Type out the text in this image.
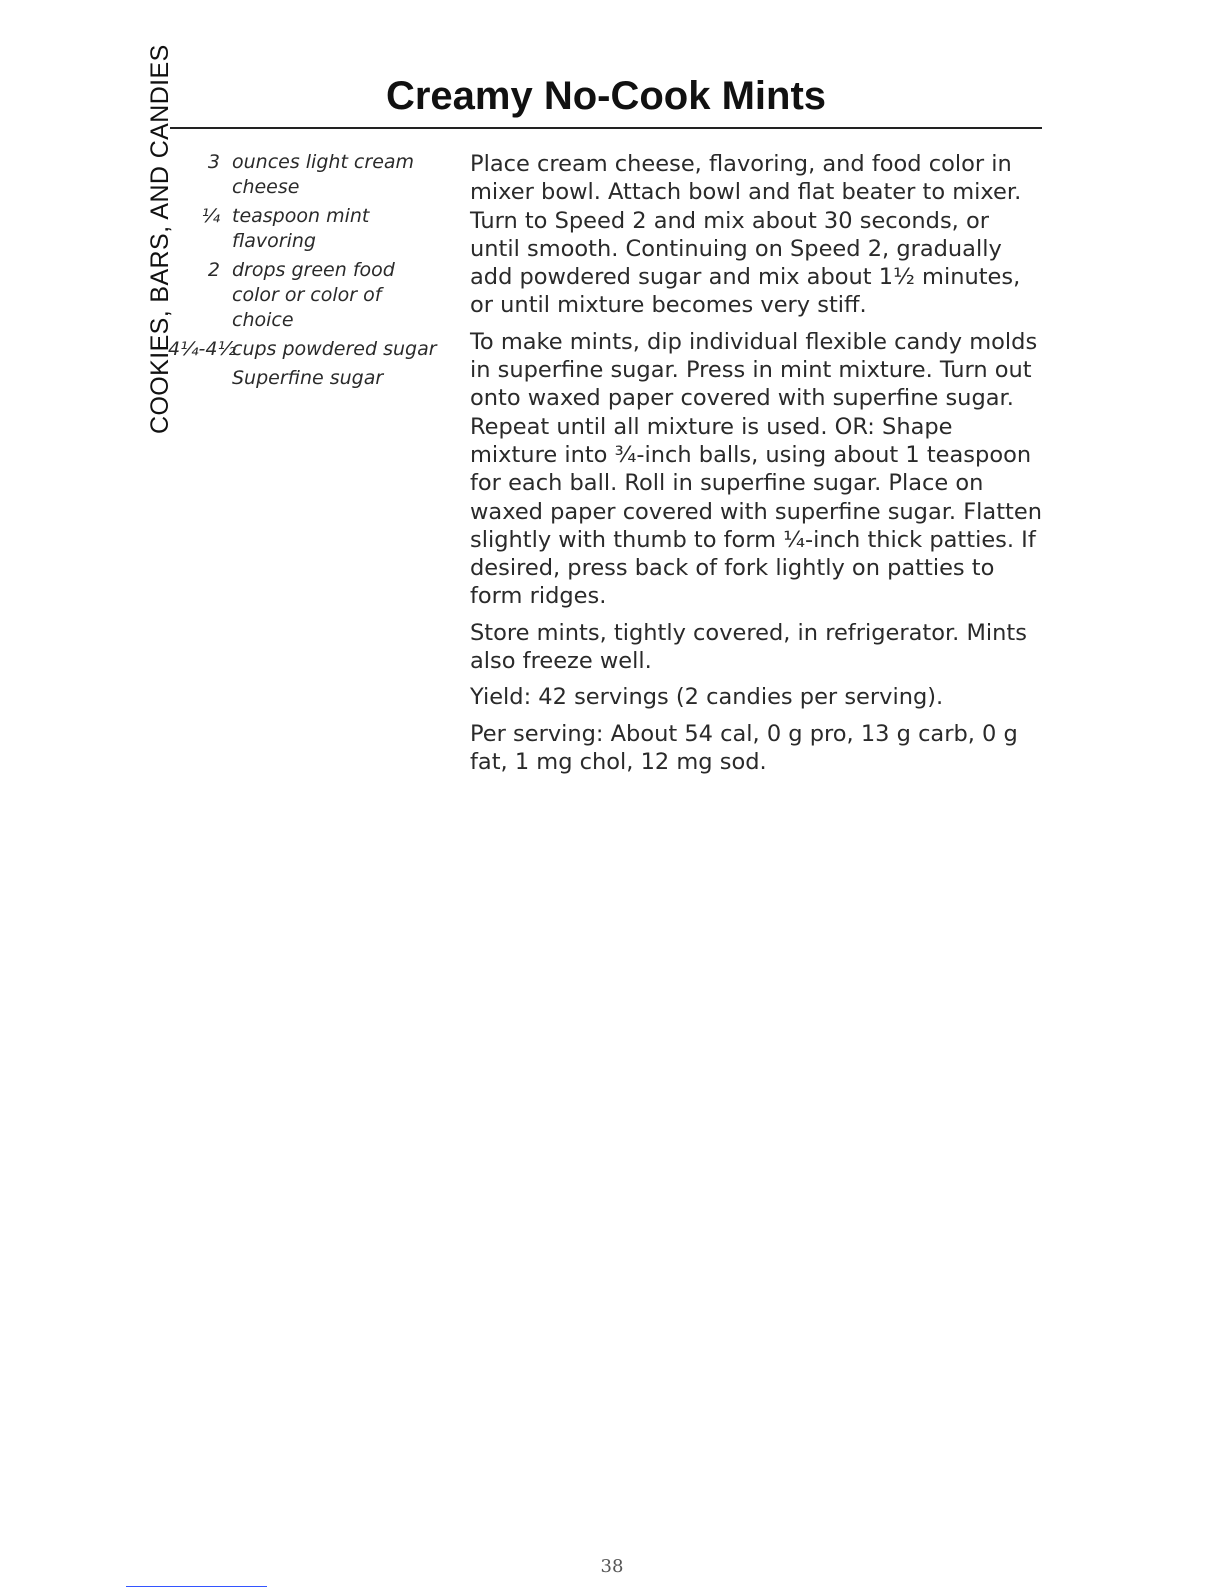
COOKIES, BARS, AND CANDIES	Creamy No-Cook Mints
3 ounces light cream cheese
¼ teaspoon mint flavoring
2 drops green food color or color of choice
4¼-4½
cups powdered sugar
Superfine sugar

Place cream cheese, flavoring, and food color in mixer bowl. Attach bowl and flat beater to mixer. Turn to Speed 2 and mix about 30 seconds, or until smooth. Continuing on Speed 2, gradually add powdered sugar and mix about 1½ minutes, or until mixture becomes very stiff.

To make mints, dip individual flexible candy molds in superfine sugar. Press in mint mixture. Turn out onto waxed paper covered with superfine sugar. Repeat until all mixture is used. OR: Shape mixture into ¾-inch balls, using about 1 teaspoon for each ball. Roll in superfine sugar. Place on waxed paper covered with superfine sugar. Flatten slightly with thumb to form ¼-inch thick patties. If desired, press back of fork lightly on patties to form ridges.

Store mints, tightly covered, in refrigerator. Mints also freeze well.

Yield: 42 servings (2 candies per serving).

Per serving: About 54 cal, 0 g pro, 13 g carb, 0 g fat, 1 mg chol, 12 mg sod.

38
